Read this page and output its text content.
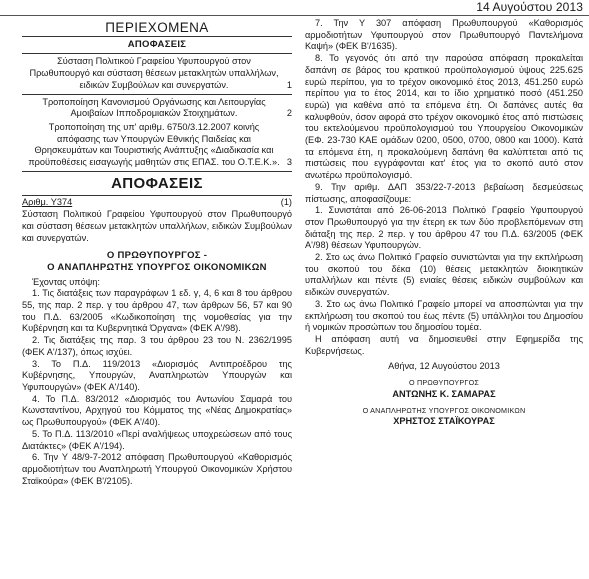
14 Αυγούστου 2013
ΠΕΡΙΕΧΟΜΕΝΑ
ΑΠΟΦΑΣΕΙΣ
Σύσταση Πολιτικού Γραφείου Υφυπουργού στον Πρωθυπουργό και σύσταση θέσεων μετακλητών υπαλλήλων, ειδικών Συμβούλων και συνεργατών.	1
Τροποποίηση Κανονισμού Οργάνωσης και Λειτουργίας Αμοιβαίων Ιπποδρομιακών Στοιχημάτων.	2
Τροποποίηση της υπ' αριθμ. 6750/3.12.2007 κοινής απόφασης των Υπουργών Εθνικής Παιδείας και Θρησκευμάτων και Τουριστικής Ανάπτυξης «Διαδικασία και προϋποθέσεις εισαγωγής μαθητών στις ΕΠΑΣ. του Ο.Τ.Ε.Κ.». 3
ΑΠΟΦΑΣΕΙΣ
Αριθμ. Υ374	(1)

Σύσταση Πολιτικού Γραφείου Υφυπουργού στον Πρωθυπουργό και σύσταση θέσεων μετακλητών υπαλλήλων, ειδικών Συμβούλων και συνεργατών.

Ο ΠΡΩΘΥΠΟΥΡΓΟΣ -
Ο ΑΝΑΠΛΗΡΩΤΗΣ ΥΠΟΥΡΓΟΣ ΟΙΚΟΝΟΜΙΚΩΝ

Έχοντας υπόψη:

1. Τις διατάξεις των παραγράφων 1 εδ. γ, 4, 6 και 8 του άρθρου 55, της παρ. 2 περ. γ του άρθρου 47, των άρθρων 56, 57 και 90 του Π.Δ. 63/2005 «Κωδικοποίηση της νομοθεσίας για την Κυβέρνηση και τα Κυβερνητικά Όργανα» (ΦΕΚ Α'/98).

2. Τις διατάξεις της παρ. 3 του άρθρου 23 του Ν. 2362/1995 (ΦΕΚ Α'/137), όπως ισχύει.

3. Το Π.Δ. 119/2013 «Διορισμός Αντιπροέδρου της Κυβέρνησης, Υπουργών, Αναπληρωτών Υπουργών και Υφυπουργών» (ΦΕΚ Α'/140).

4. Το Π.Δ. 83/2012 «Διορισμός του Αντωνίου Σαμαρά του Κωνσταντίνου, Αρχηγού του Κόμματος της «Νέας Δημοκρατίας» ως Πρωθυπουργού» (ΦΕΚ Α'/40).

5. Το Π.Δ. 113/2010 «Περί αναλήψεως υποχρεώσεων από τους Διατάκτες» (ΦΕΚ Α'/194).

6. Την Υ 48/9-7-2012 απόφαση Πρωθυπουργού «Καθορισμός αρμοδιοτήτων του Αναπληρωτή Υπουργού Οικονομικών Χρήστου Σταϊκούρα» (ΦΕΚ Β'/2105).

7. Την Υ 307 απόφαση Πρωθυπουργού «Καθορισμός αρμοδιοτήτων Υφυπουργού στον Πρωθυπουργό Παντελήμονα Καψή» (ΦΕΚ Β'/1635).

8. Το γεγονός ότι από την παρούσα απόφαση προκαλείται δαπάνη σε βάρος του κρατικού προϋπολογισμού ύψους 225.625 ευρώ περίπου, για το τρέχον οικονομικό έτος 2013, 451.250 ευρώ περίπου για το έτος 2014, και το ίδιο χρηματικό ποσό (451.250 ευρώ) για καθένα από τα επόμενα έτη. Οι δαπάνες αυτές θα καλυφθούν, όσον αφορά στο τρέχον οικονομικό έτος από πιστώσεις του εκτελούμενου προϋπολογισμού του Υπουργείου Οικονομικών (ΕΦ. 23-730 ΚΑΕ ομάδων 0200, 0500, 0700, 0800 και 1000). Κατά τα επόμενα έτη, η προκαλούμενη δαπάνη θα καλύπτεται από τις πιστώσεις που εγγράφονται κατ' έτος για το σκοπό αυτό στον ανωτέρω προϋπολογισμό.

9. Την αριθμ. ΔΑΠ 353/22-7-2013 βεβαίωση δεσμεύσεως πίστωσης, αποφασίζουμε:

1. Συνιστάται από 26-06-2013 Πολιτικό Γραφείο Υφυπουργού στον Πρωθυπουργό για την έτερη εκ των δύο προβλεπόμενων στη διάταξη της περ. 2 περ. γ του άρθρου 47 του Π.Δ. 63/2005 (ΦΕΚ Α'/98) θέσεων Υφυπουργών.

2. Στο ως άνω Πολιτικό Γραφείο συνιστώνται για την εκπλήρωση του σκοπού του δέκα (10) θέσεις μετακλητών διοικητικών υπαλλήλων και πέντε (5) ενιαίες θέσεις ειδικών συμβούλων και ειδικών συνεργατών.

3. Στο ως άνω Πολιτικό Γραφείο μπορεί να αποσπώνται για την εκπλήρωση του σκοπού του έως πέντε (5) υπάλληλοι του Δημοσίου ή νομικών προσώπων του δημοσίου τομέα.

Η απόφαση αυτή να δημοσιευθεί στην Εφημερίδα της Κυβερνήσεως.

Αθήνα, 12 Αυγούστου 2013
Ο ΠΡΩΘΥΠΟΥΡΓΟΣ
ΑΝΤΩΝΗΣ Κ. ΣΑΜΑΡΑΣ
Ο ΑΝΑΠΛΗΡΩΤΗΣ ΥΠΟΥΡΓΟΣ ΟΙΚΟΝΟΜΙΚΩΝ
ΧΡΗΣΤΟΣ ΣΤΑΪΚΟΥΡΑΣ
